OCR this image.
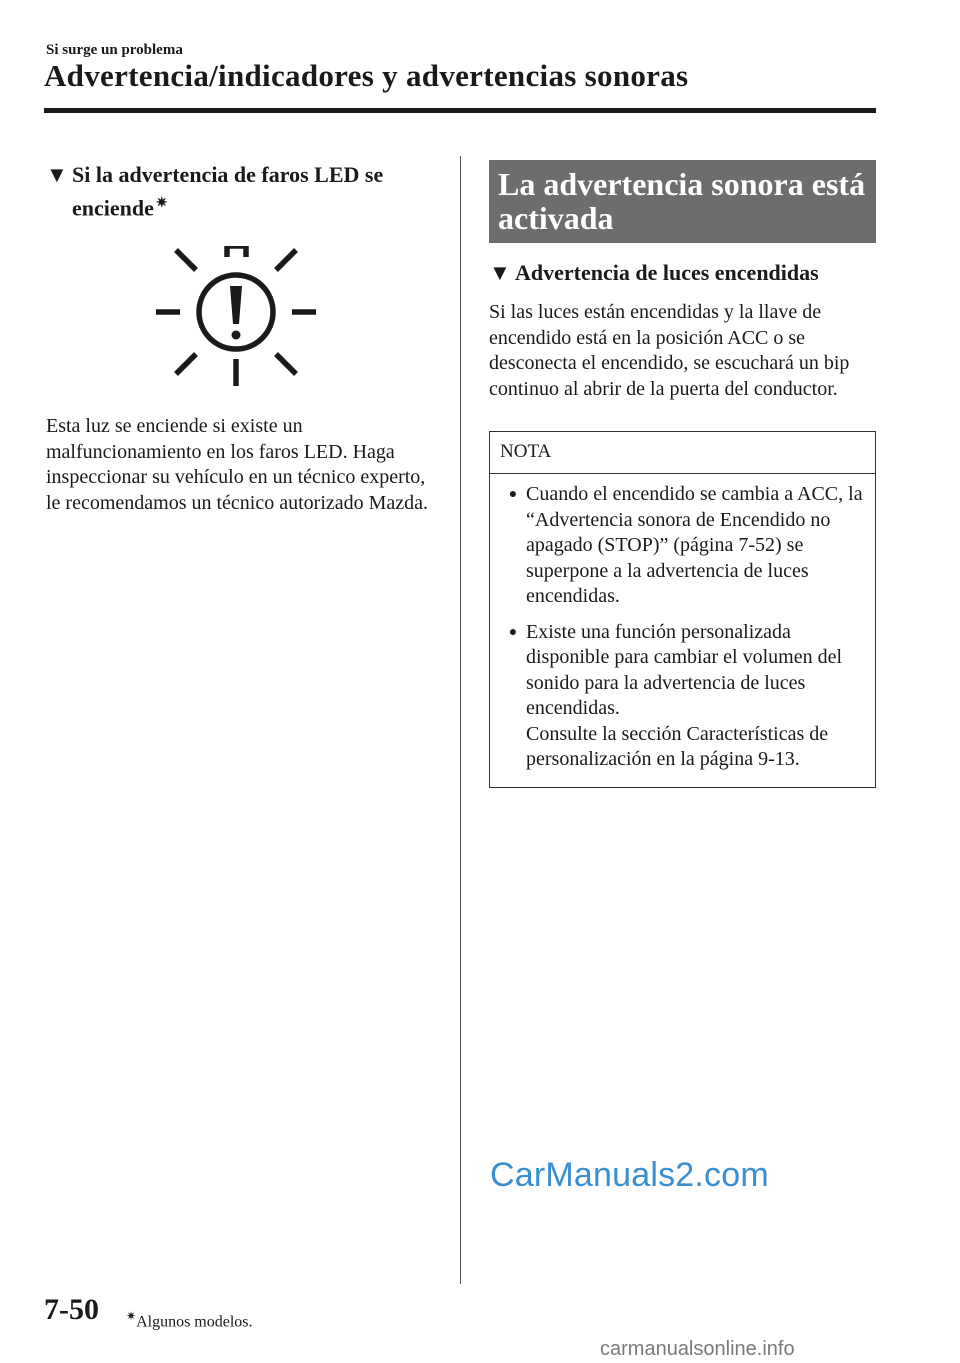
Si surge un problema
Advertencia/indicadores y advertencias sonoras
▼ Si la advertencia de faros LED se enciende ✷

Esta luz se enciende si existe un malfuncionamiento en los faros LED. Haga inspeccionar su vehículo en un técnico experto, le recomendamos un técnico autorizado Mazda.

La advertencia sonora está activada
▼ Advertencia de luces encendidas

Si las luces están encendidas y la llave de encendido está en la posición ACC o se desconecta el encendido, se escuchará un bip continuo al abrir de la puerta del conductor.

NOTA
● Cuando el encendido se cambia a ACC, la “Advertencia sonora de Encendido no apagado (STOP)” (página 7-52) se superpone a la advertencia de luces encendidas.
● Existe una función personalizada disponible para cambiar el volumen del sonido para la advertencia de luces encendidas.
Consulte la sección Características de personalización en la página 9-13.
CarManuals2.com
7-50 ✷Algunos modelos.
carmanualsonline.info
